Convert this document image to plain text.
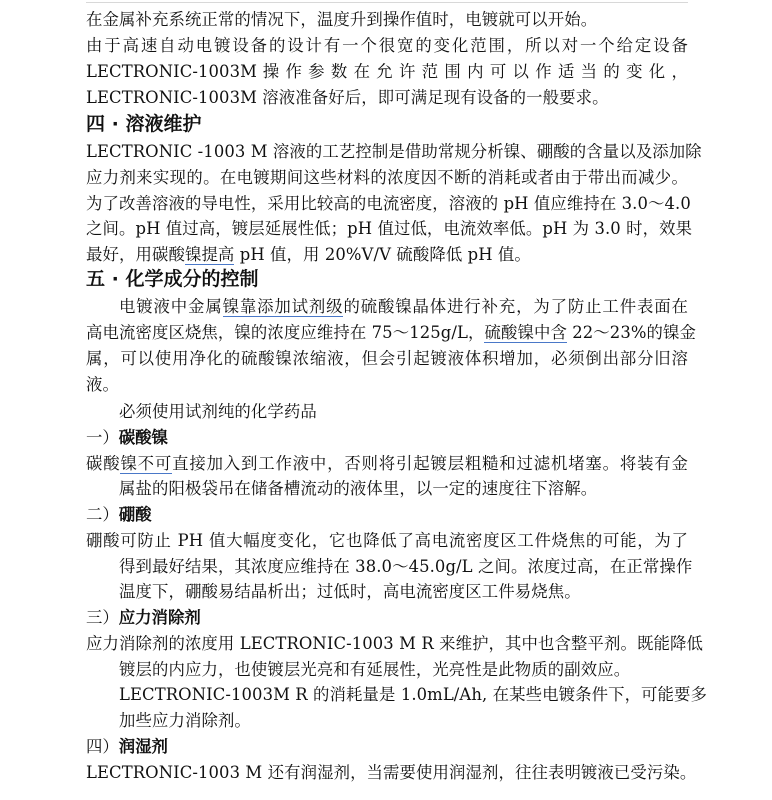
在金属补充系统正常的情况下，温度升到操作值时，电镀就可以开始。
由于高速自动电镀设备的设计有一个很宽的变化范围，所以对一个给定设备
LECTRONIC-1003M 操 作 参 数 在 允 许 范 围 内 可 以 作 适 当 的 变 化 ，
LECTRONIC-1003M 溶液准备好后，即可满足现有设备的一般要求。
四 · 溶液维护
LECTRONIC -1003 M 溶液的工艺控制是借助常规分析镍、硼酸的含量以及添加除
应力剂来实现的。在电镀期间这些材料的浓度因不断的消耗或者由于带出而减少。
为了改善溶液的导电性，采用比较高的电流密度，溶液的 pH 值应维持在 3.0～4.0
之间。pH 值过高，镀层延展性低；pH 值过低，电流效率低。pH 为 3.0 时，效果
最好，用碳酸镍提高 pH 值，用 20%V/V 硫酸降低 pH 值。
五 · 化学成分的控制
电镀液中金属镍靠添加试剂级的硫酸镍晶体进行补充，为了防止工件表面在
高电流密度区烧焦，镍的浓度应维持在 75～125g/L，硫酸镍中含 22～23%的镍金
属，可以使用净化的硫酸镍浓缩液，但会引起镀液体积增加，必须倒出部分旧溶
液。
必须使用试剂纯的化学药品
一）碳酸镍
碳酸镍不可直接加入到工作液中，否则将引起镀层粗糙和过滤机堵塞。将装有金
属盐的阳极袋吊在储备槽流动的液体里，以一定的速度往下溶解。
二）硼酸
硼酸可防止 PH 值大幅度变化，它也降低了高电流密度区工件烧焦的可能，为了
得到最好结果，其浓度应维持在 38.0～45.0g/L 之间。浓度过高，在正常操作
温度下，硼酸易结晶析出；过低时，高电流密度区工件易烧焦。
三）应力消除剂
应力消除剂的浓度用 LECTRONIC-1003 M R 来维护，其中也含整平剂。既能降低
镀层的内应力，也使镀层光亮和有延展性，光亮性是此物质的副效应。
LECTRONIC-1003M R 的消耗量是 1.0mL/Ah, 在某些电镀条件下，可能要多
加些应力消除剂。
四）润湿剂
LECTRONIC-1003 M 还有润湿剂，当需要使用润湿剂，往往表明镀液已受污染。
